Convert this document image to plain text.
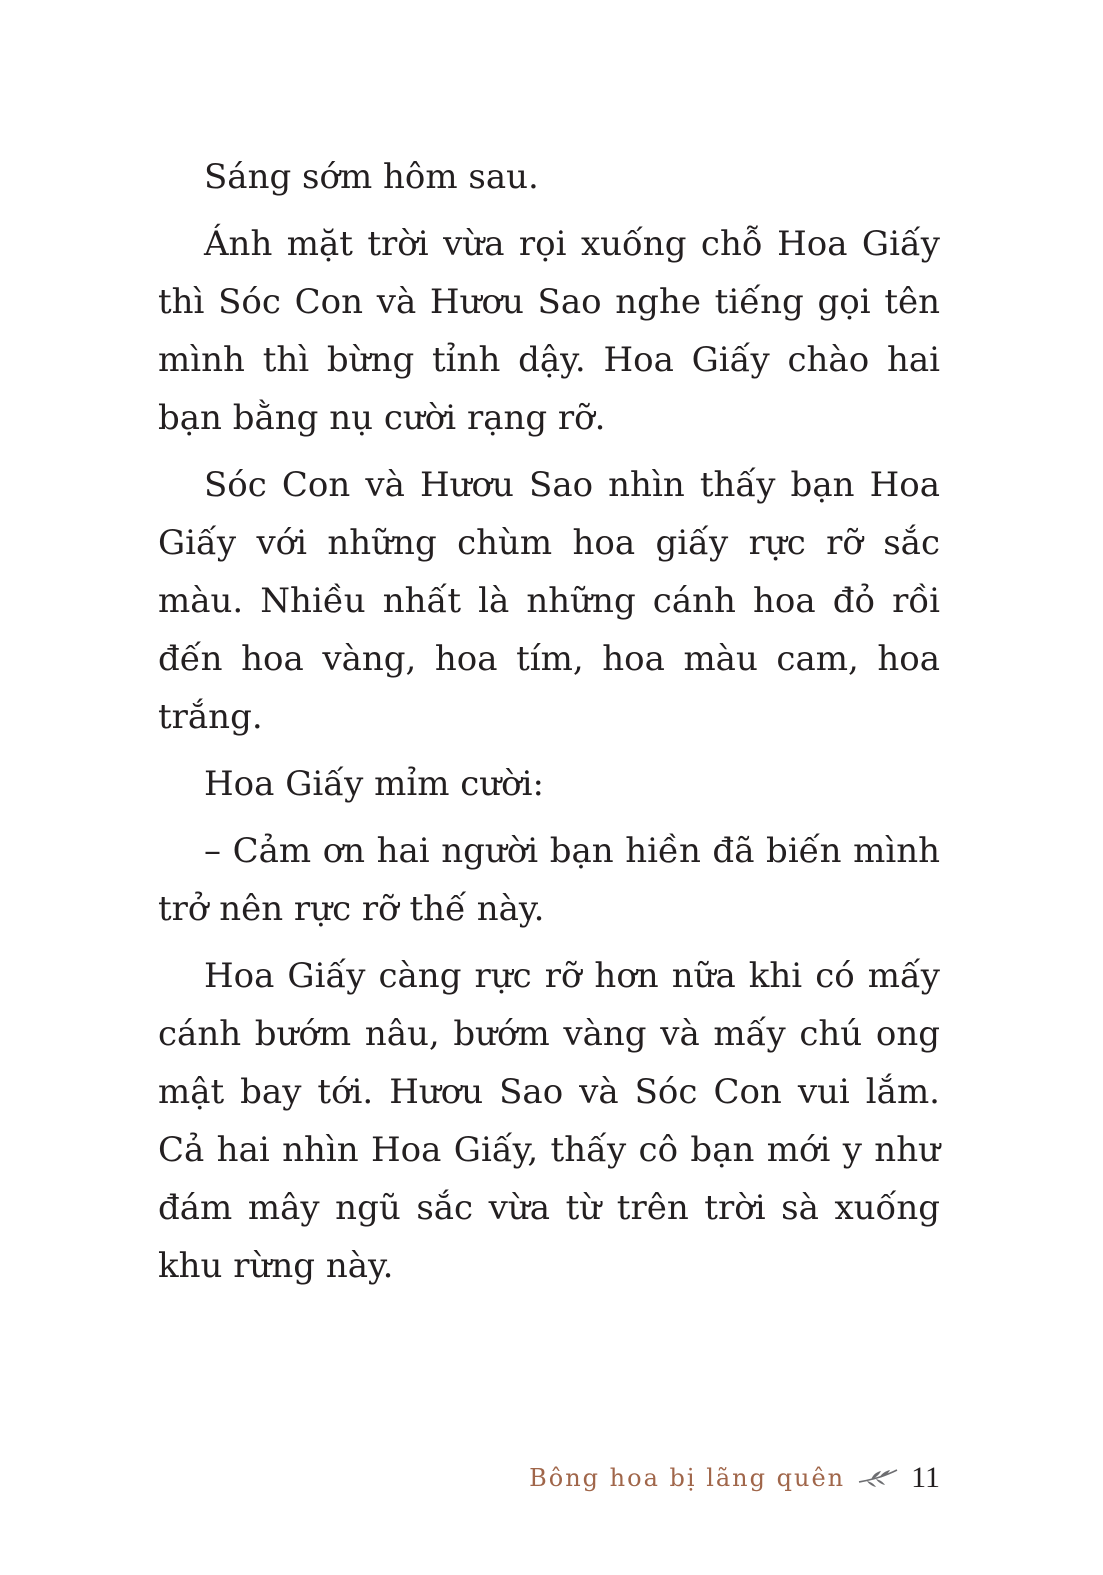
Sáng sớm hôm sau.

Ánh mặt trời vừa rọi xuống chỗ Hoa Giấy thì Sóc Con và Hươu Sao nghe tiếng gọi tên mình thì bừng tỉnh dậy. Hoa Giấy chào hai bạn bằng nụ cười rạng rỡ.

Sóc Con và Hươu Sao nhìn thấy bạn Hoa Giấy với những chùm hoa giấy rực rỡ sắc màu. Nhiều nhất là những cánh hoa đỏ rồi đến hoa vàng, hoa tím, hoa màu cam, hoa trắng.

Hoa Giấy mỉm cười:

– Cảm ơn hai người bạn hiền đã biến mình trở nên rực rỡ thế này.

Hoa Giấy càng rực rỡ hơn nữa khi có mấy cánh bướm nâu, bướm vàng và mấy chú ong mật bay tới. Hươu Sao và Sóc Con vui lắm. Cả hai nhìn Hoa Giấy, thấy cô bạn mới y như đám mây ngũ sắc vừa từ trên trời sà xuống khu rừng này.

Bông hoa bị lãng quên 11
